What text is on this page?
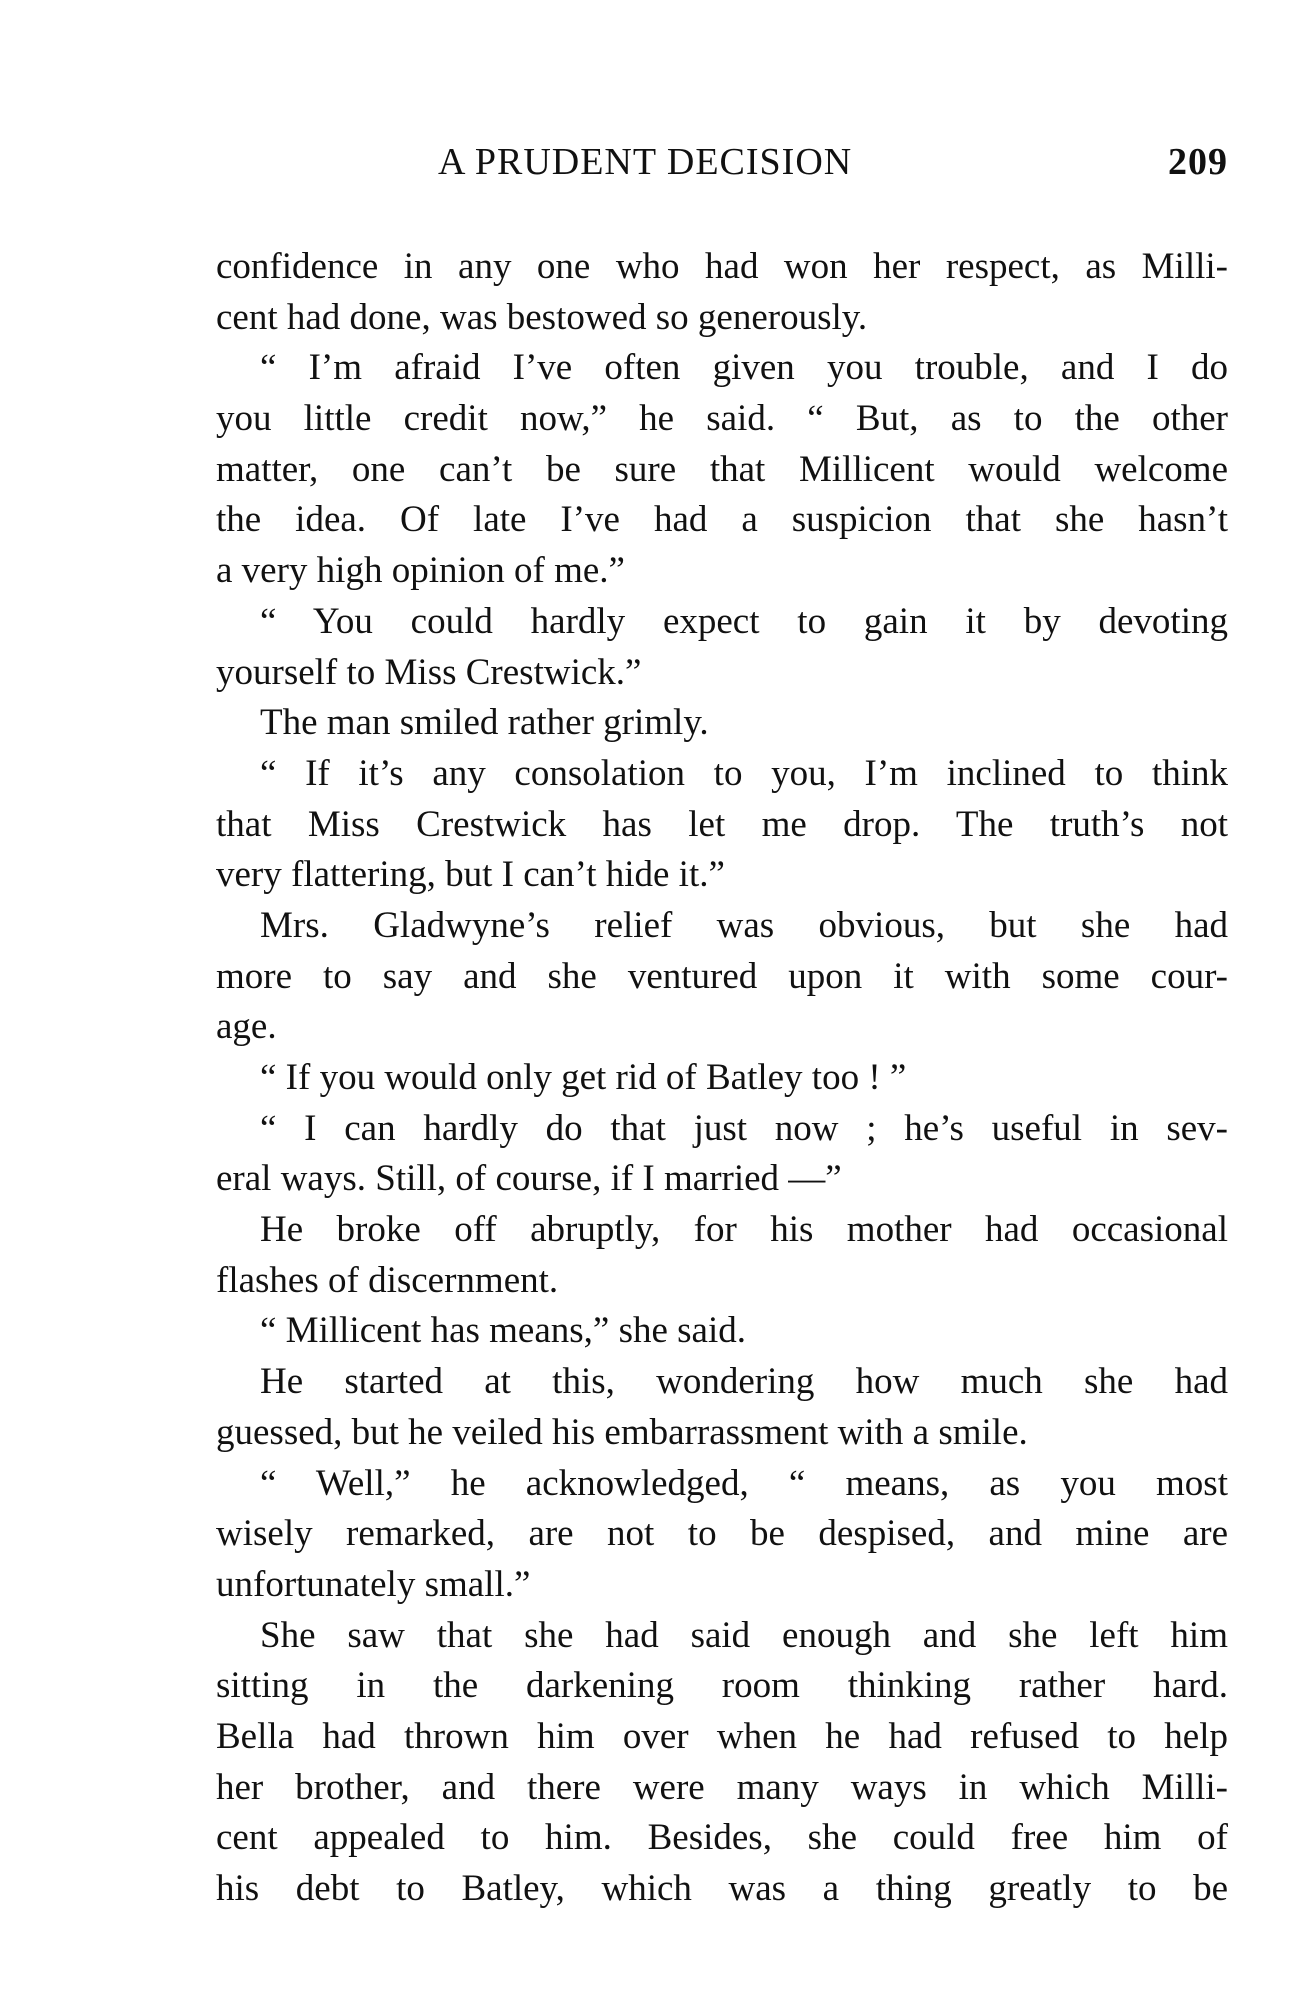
A PRUDENT DECISION	209
confidence in any one who had won her respect, as Milli-
cent had done, was bestowed so generously.
“ I’m afraid I’ve often given you trouble, and I do
you little credit now,” he said. “ But, as to the other
matter, one can’t be sure that Millicent would welcome
the idea. Of late I’ve had a suspicion that she hasn’t
a very high opinion of me.”
“ You could hardly expect to gain it by devoting
yourself to Miss Crestwick.”
The man smiled rather grimly.
“ If it’s any consolation to you, I’m inclined to think
that Miss Crestwick has let me drop. The truth’s not
very flattering, but I can’t hide it.”
Mrs. Gladwyne’s relief was obvious, but she had
more to say and she ventured upon it with some cour-
age.
“ If you would only get rid of Batley too ! ”
“ I can hardly do that just now ; he’s useful in sev-
eral ways. Still, of course, if I married —”
He broke off abruptly, for his mother had occasional
flashes of discernment.
“ Millicent has means,” she said.
He started at this, wondering how much she had
guessed, but he veiled his embarrassment with a smile.
“ Well,” he acknowledged, “ means, as you most
wisely remarked, are not to be despised, and mine are
unfortunately small.”
She saw that she had said enough and she left him
sitting in the darkening room thinking rather hard.
Bella had thrown him over when he had refused to help
her brother, and there were many ways in which Milli-
cent appealed to him. Besides, she could free him of
his debt to Batley, which was a thing greatly to be
